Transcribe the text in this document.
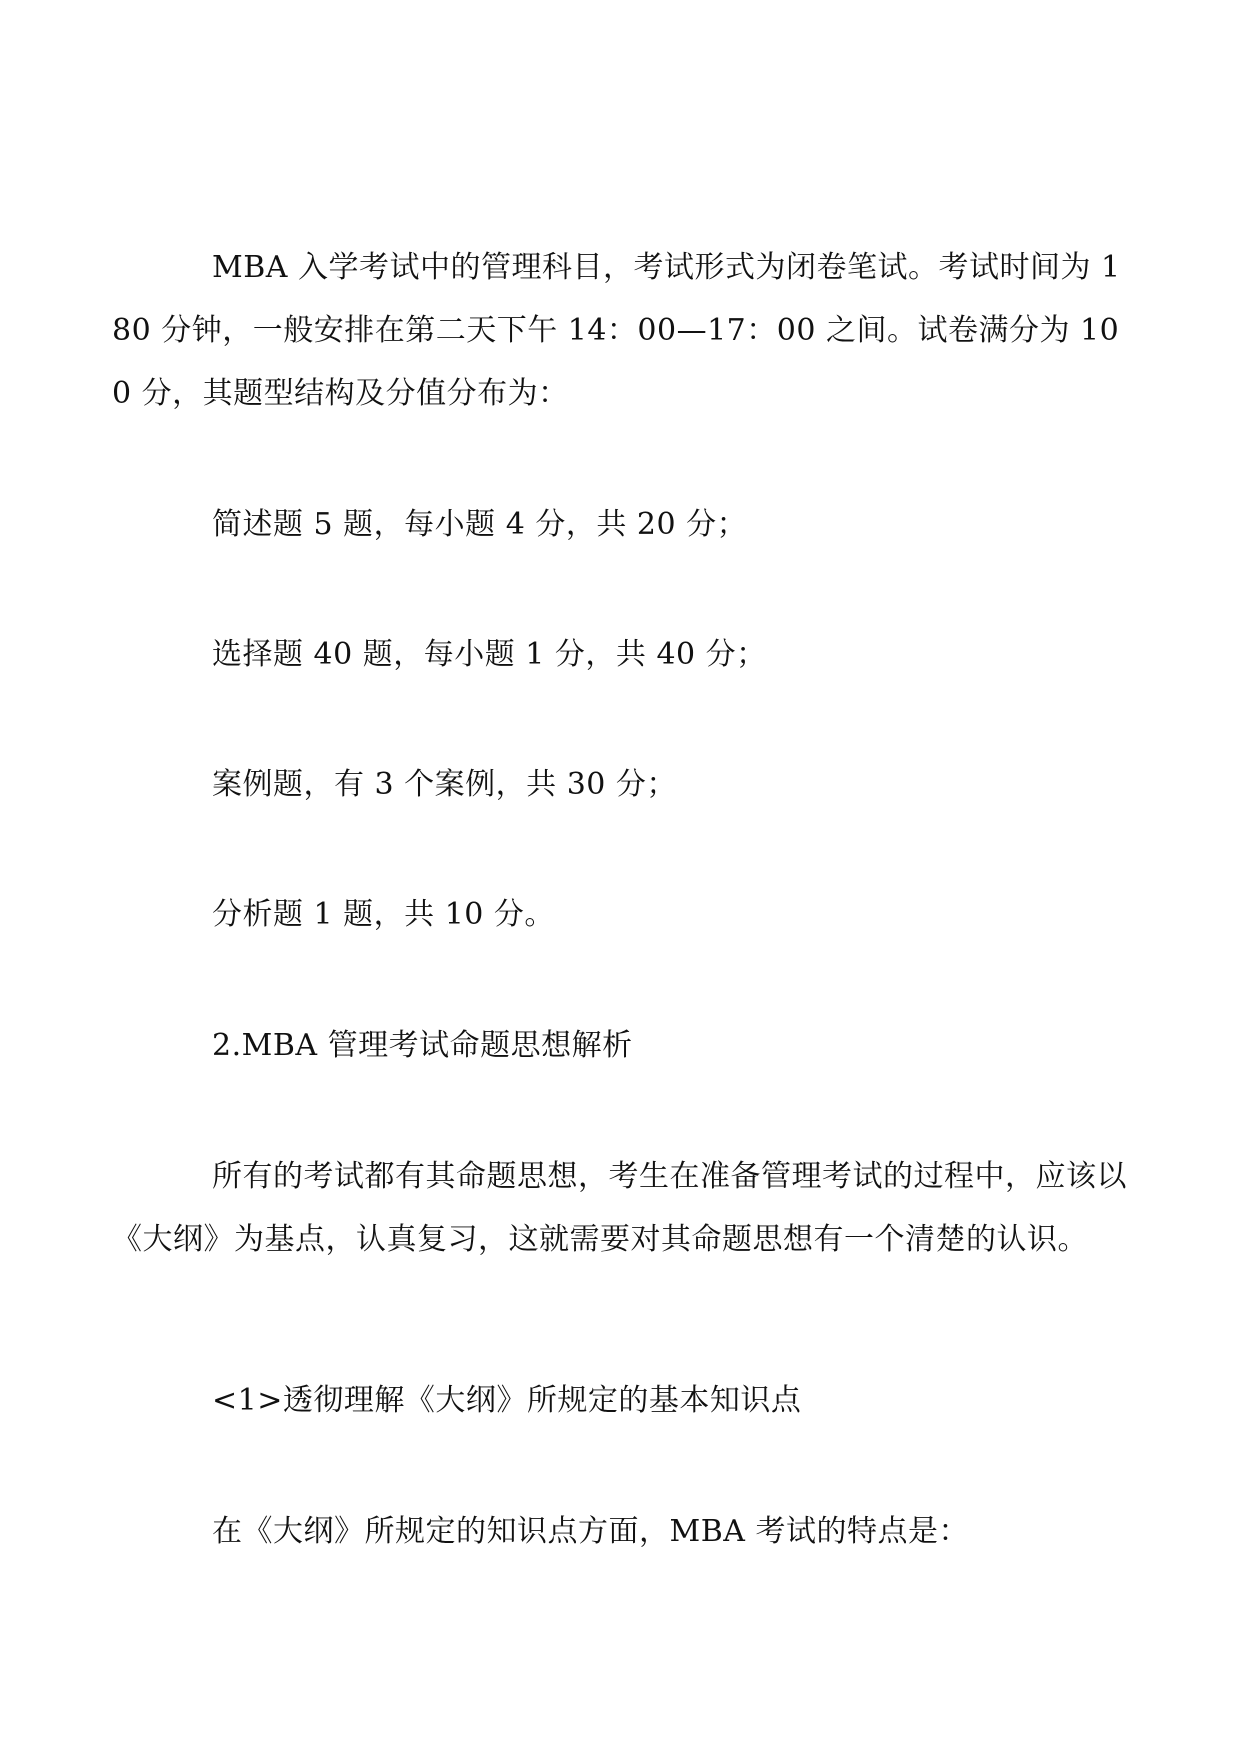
MBA 入学考试中的管理科目，考试形式为闭卷笔试。考试时间为 180 分钟，一般安排在第二天下午 14：00—17：00 之间。试卷满分为 100 分，其题型结构及分值分布为：

简述题 5 题，每小题 4 分，共 20 分；

选择题 40 题，每小题 1 分，共 40 分；

案例题，有 3 个案例，共 30 分；

分析题 1 题，共 10 分。

2.MBA 管理考试命题思想解析

所有的考试都有其命题思想，考生在准备管理考试的过程中，应该以《大纲》为基点，认真复习，这就需要对其命题思想有一个清楚的认识。

<1>透彻理解《大纲》所规定的基本知识点

在《大纲》所规定的知识点方面，MBA 考试的特点是：
